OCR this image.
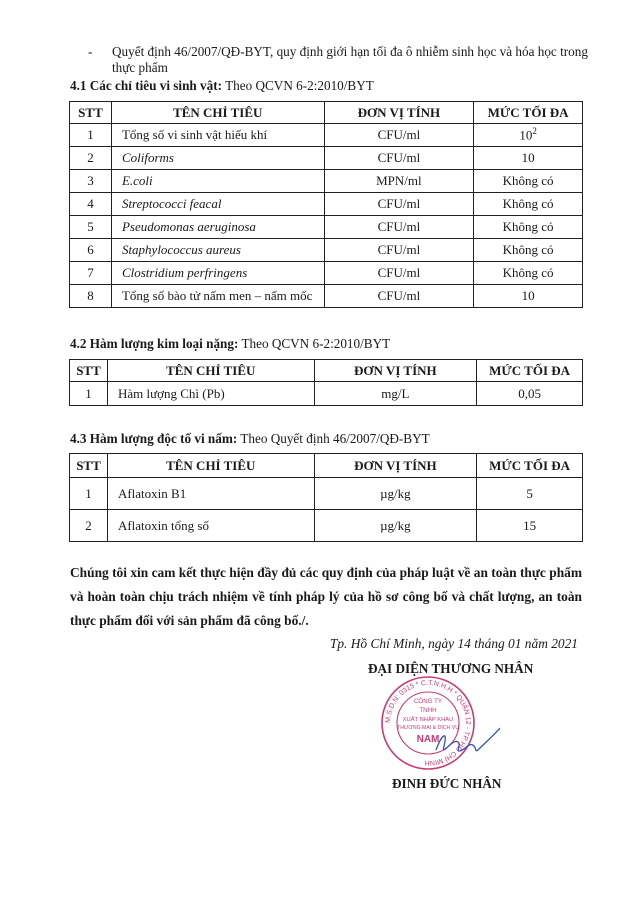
- Quyết định 46/2007/QĐ-BYT, quy định giới hạn tối đa ô nhiễm sinh học và hóa học trong thực phẩm
4.1 Các chỉ tiêu vi sinh vật: Theo QCVN 6-2:2010/BYT
STT	TÊN CHỈ TIÊU	ĐƠN VỊ TÍNH	MỨC TỐI ĐA
1	Tổng số vi sinh vật hiếu khí	CFU/ml	$10^2$
2	Coliforms	CFU/ml	10
3	E.coli	MPN/ml	Không có
4	Streptococci feacal	CFU/ml	Không có
5	Pseudomonas aeruginosa	CFU/ml	Không có
6	Staphylococcus aureus	CFU/ml	Không có
7	Clostridium perfringens	CFU/ml	Không có
8	Tổng số bào tử nấm men – nấm mốc	CFU/ml	10
4.2 Hàm lượng kim loại nặng: Theo QCVN 6-2:2010/BYT
STT	TÊN CHỈ TIÊU	ĐƠN VỊ TÍNH	MỨC TỐI ĐA
1	Hàm lượng Chì (Pb)	mg/L	0,05
4.3 Hàm lượng độc tố vi nấm: Theo Quyết định 46/2007/QĐ-BYT
STT	TÊN CHỈ TIÊU	ĐƠN VỊ TÍNH	MỨC TỐI ĐA
1	Aflatoxin B1	µg/kg	5
2	Aflatoxin tổng số	µg/kg	15
Chúng tôi xin cam kết thực hiện đầy đủ các quy định của pháp luật về an toàn thực phẩm và hoàn toàn chịu trách nhiệm về tính pháp lý của hồ sơ công bố và chất lượng, an toàn thực phẩm đối với sản phẩm đã công bố./.
Tp. Hồ Chí Minh, ngày 14 tháng 01 năm 2021
ĐẠI DIỆN THƯƠNG NHÂN
M.S.D.N: 0315 * C.T.N.H.H * QUẬN 12 - TP HỒ CHÍ MINH
CÔNG TY
TNHH
XUẤT NHẬP KHẨU
THƯƠNG MẠI & DỊCH VỤ
NAM
ĐINH ĐỨC NHÂN
